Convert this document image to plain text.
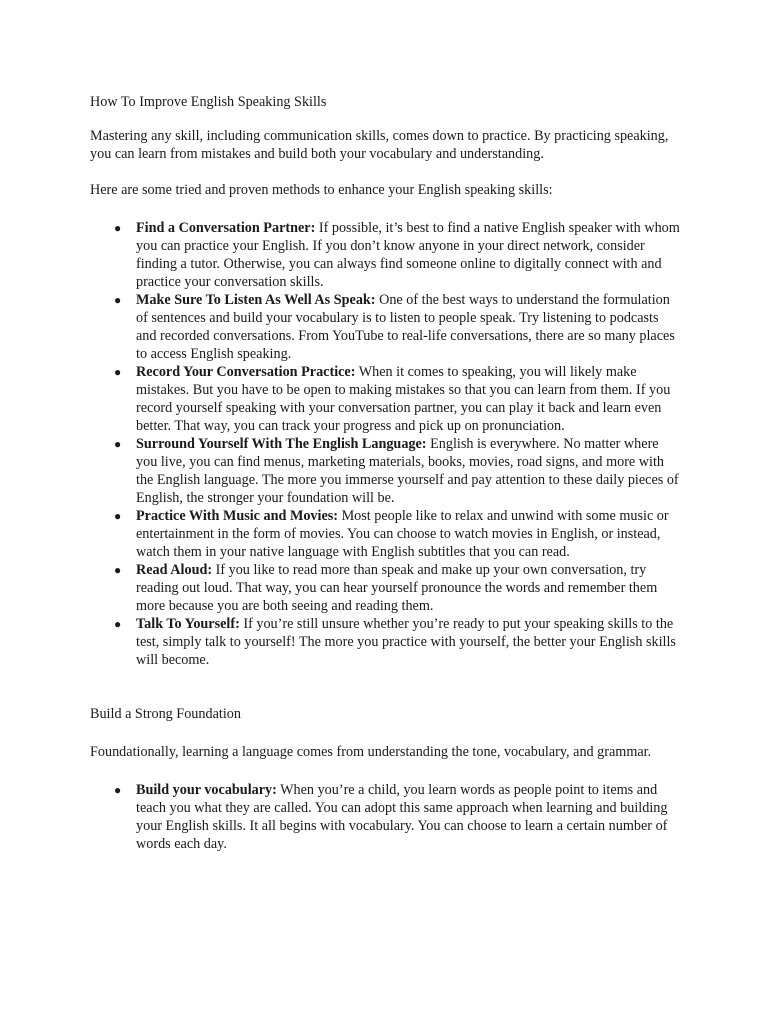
How To Improve English Speaking Skills

Mastering any skill, including communication skills, comes down to practice. By practicing speaking, you can learn from mistakes and build both your vocabulary and understanding.

Here are some tried and proven methods to enhance your English speaking skills:

● Find a Conversation Partner: If possible, it’s best to find a native English speaker with whom you can practice your English. If you don’t know anyone in your direct network, consider finding a tutor. Otherwise, you can always find someone online to digitally connect with and practice your conversation skills.
● Make Sure To Listen As Well As Speak: One of the best ways to understand the formulation of sentences and build your vocabulary is to listen to people speak. Try listening to podcasts and recorded conversations. From YouTube to real-life conversations, there are so many places to access English speaking.
● Record Your Conversation Practice: When it comes to speaking, you will likely make mistakes. But you have to be open to making mistakes so that you can learn from them. If you record yourself speaking with your conversation partner, you can play it back and learn even better. That way, you can track your progress and pick up on pronunciation.
● Surround Yourself With The English Language: English is everywhere. No matter where you live, you can find menus, marketing materials, books, movies, road signs, and more with the English language. The more you immerse yourself and pay attention to these daily pieces of English, the stronger your foundation will be.
● Practice With Music and Movies: Most people like to relax and unwind with some music or entertainment in the form of movies. You can choose to watch movies in English, or instead, watch them in your native language with English subtitles that you can read.
● Read Aloud: If you like to read more than speak and make up your own conversation, try reading out loud. That way, you can hear yourself pronounce the words and remember them more because you are both seeing and reading them.
● Talk To Yourself: If you’re still unsure whether you’re ready to put your speaking skills to the test, simply talk to yourself! The more you practice with yourself, the better your English skills will become.

Build a Strong Foundation

Foundationally, learning a language comes from understanding the tone, vocabulary, and grammar.

● Build your vocabulary: When you’re a child, you learn words as people point to items and teach you what they are called. You can adopt this same approach when learning and building your English skills. It all begins with vocabulary. You can choose to learn a certain number of words each day.
